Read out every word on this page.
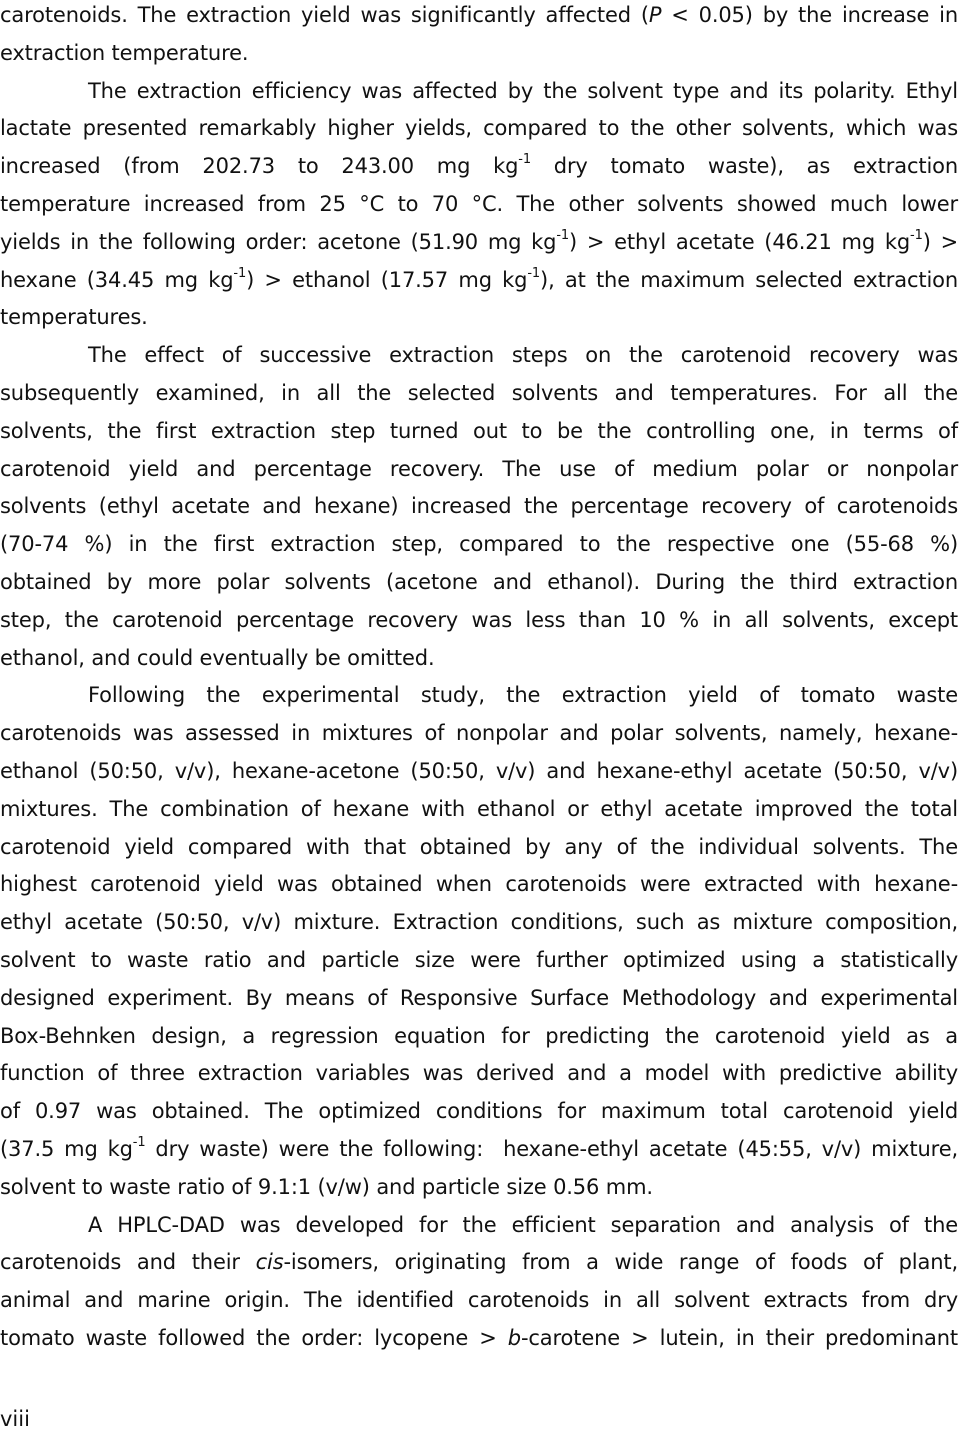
carotenoids. The extraction yield was significantly affected (P < 0.05) by the increase in
extraction temperature.
The extraction efficiency was affected by the solvent type and its polarity. Ethyl
lactate presented remarkably higher yields, compared to the other solvents, which was
increased (from 202.73 to 243.00 mg $kg^{-1}$ dry tomato waste), as extraction
temperature increased from 25 °C to 70 °C. The other solvents showed much lower
yields in the following order: acetone (51.90 mg $kg^{-1}$) > ethyl acetate (46.21 mg $kg^{-1}$) >
hexane (34.45 mg $kg^{-1}$) > ethanol (17.57 mg $kg^{-1}$), at the maximum selected extraction
temperatures.
The effect of successive extraction steps on the carotenoid recovery was
subsequently examined, in all the selected solvents and temperatures. For all the
solvents, the first extraction step turned out to be the controlling one, in terms of
carotenoid yield and percentage recovery. The use of medium polar or nonpolar
solvents (ethyl acetate and hexane) increased the percentage recovery of carotenoids
(70-74 %) in the first extraction step, compared to the respective one (55-68 %)
obtained by more polar solvents (acetone and ethanol). During the third extraction
step, the carotenoid percentage recovery was less than 10 % in all solvents, except
ethanol, and could eventually be omitted.
Following the experimental study, the extraction yield of tomato waste
carotenoids was assessed in mixtures of nonpolar and polar solvents, namely, hexane-
ethanol (50:50, v/v), hexane-acetone (50:50, v/v) and hexane-ethyl acetate (50:50, v/v)
mixtures. The combination of hexane with ethanol or ethyl acetate improved the total
carotenoid yield compared with that obtained by any of the individual solvents. The
highest carotenoid yield was obtained when carotenoids were extracted with hexane-
ethyl acetate (50:50, v/v) mixture. Extraction conditions, such as mixture composition,
solvent to waste ratio and particle size were further optimized using a statistically
designed experiment. By means of Responsive Surface Methodology and experimental
Box-Behnken design, a regression equation for predicting the carotenoid yield as a
function of three extraction variables was derived and a model with predictive ability
of 0.97 was obtained. The optimized conditions for maximum total carotenoid yield
(37.5 mg $kg^{-1}$ dry waste) were the following:  hexane-ethyl acetate (45:55, v/v) mixture,
solvent to waste ratio of 9.1:1 (v/w) and particle size 0.56 mm.
A HPLC-DAD was developed for the efficient separation and analysis of the
carotenoids and their cis-isomers, originating from a wide range of foods of plant,
animal and marine origin. The identified carotenoids in all solvent extracts from dry
tomato waste followed the order: lycopene > b-carotene > lutein, in their predominant
viii
